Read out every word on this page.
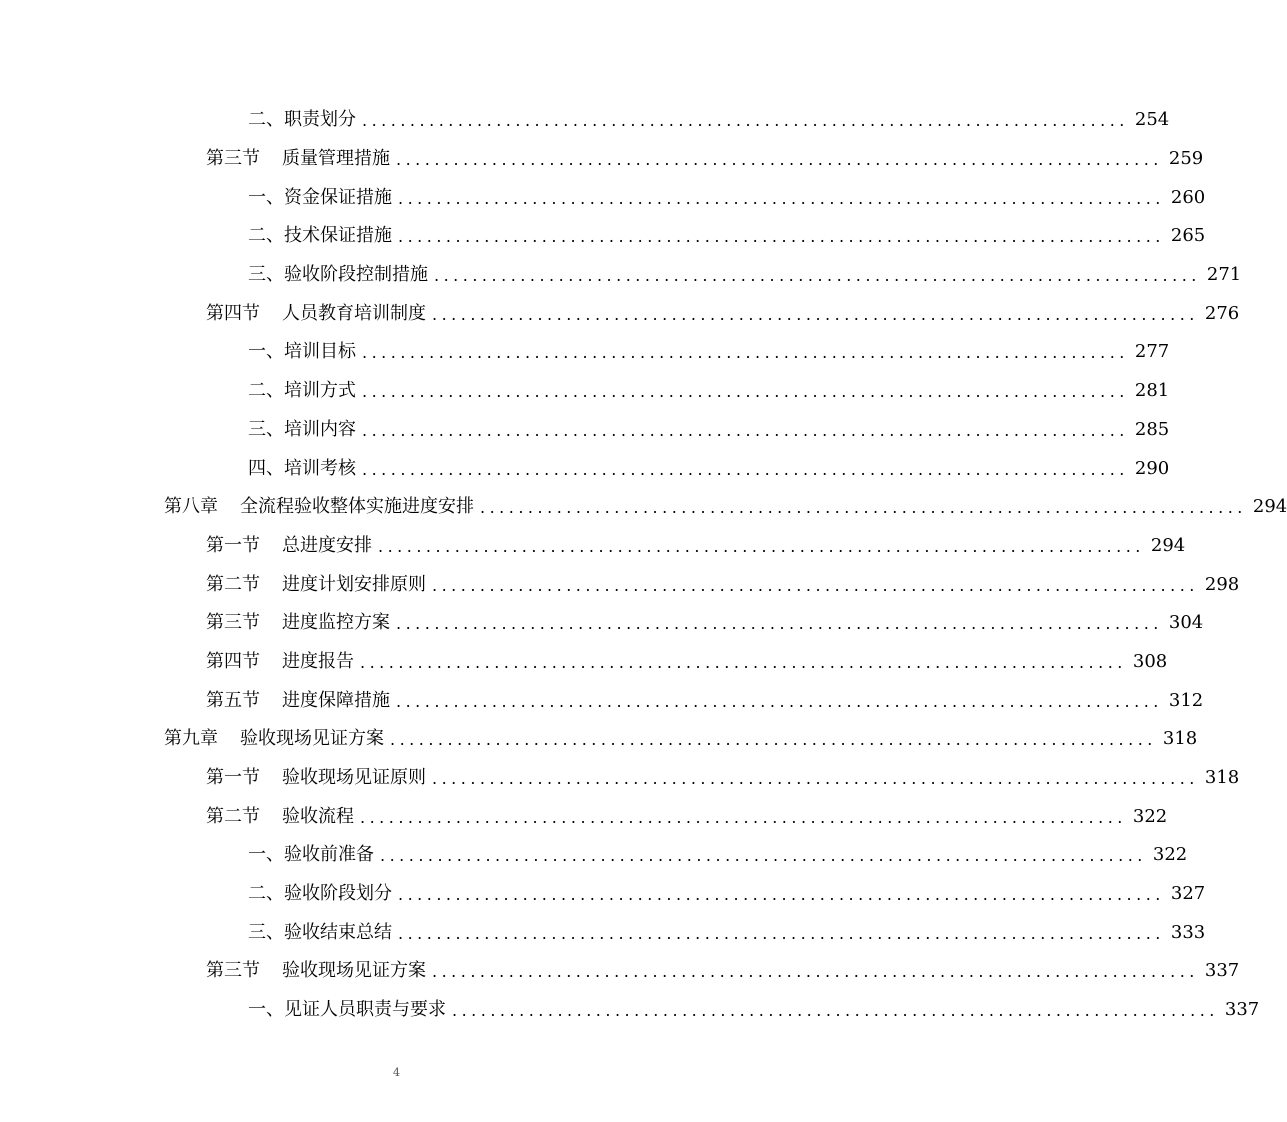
二、 职责划分 ................................................................................ 254
第三节 质量管理措施 ................................................................................ 259
一、 资金保证措施 ................................................................................ 260
二、 技术保证措施 ................................................................................ 265
三、 验收阶段控制措施 ................................................................................ 271
第四节 人员教育培训制度 ................................................................................ 276
一、 培训目标 ................................................................................ 277
二、 培训方式 ................................................................................ 281
三、 培训内容 ................................................................................ 285
四、 培训考核 ................................................................................ 290
第八章 全流程验收整体实施进度安排 ................................................................................ 294
第一节 总进度安排 ................................................................................ 294
第二节 进度计划安排原则 ................................................................................ 298
第三节 进度监控方案 ................................................................................ 304
第四节 进度报告 ................................................................................ 308
第五节 进度保障措施 ................................................................................ 312
第九章 验收现场见证方案 ................................................................................ 318
第一节 验收现场见证原则 ................................................................................ 318
第二节 验收流程 ................................................................................ 322
一、 验收前准备 ................................................................................ 322
二、 验收阶段划分 ................................................................................ 327
三、 验收结束总结 ................................................................................ 333
第三节 验收现场见证方案 ................................................................................ 337
一、 见证人员职责与要求 ................................................................................ 337
4
